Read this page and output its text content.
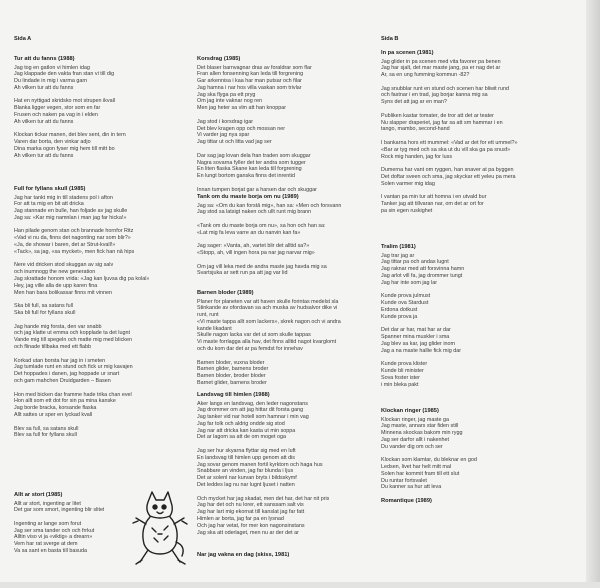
Sida A	Sida B
Tur att du fanns (1988)
Jag tog en gatlon vi himlen idag
Jag klappade den vakta fran stan vi till dig
Du lindade in mig i varma garn
Ah vilken tur att du fanns
Hat en nyttigad skridsko mot strupen ikvall
Blanka ligger vegen, stor som en far
Frusen och naken pa vag in i elden
Ah vilken tur att du fanns
Klockan tickar manen, det blev sent, din in tern
Varen dar borta, den vinkar adjo
Dina marka ogon fyser mig hem till mitt bo
Ah vilken tur att du fanns
Full for fyllans skull (1985)
Jag har tankt mig in till stadens pol i afton
For att ta mig en bit att dricka
Jag stannade en bulle, han foljade av jag skulle
Jag sa: «Kar mig namnlan i man jag far hicka!»
Han pilade genom stan och brannade hornfor Ritz
«Vad vi nu da, finns det nagonting nar som blir?»
«Ja, de showar i baren, det ar Strut-kvall!»
«Tack», sa jag, «sa mycket», men fick han nå hips
Nere vid dricken stod skuggan av sig salv
och inumnogg the new generation
Jag skrattade honom vrida: «Jag kan ljuvsa dig pa kolal»
Hey, jag ville alla de upp karen fina
Men han bara bolikassar finns mit vinnen
Ska bli full, sa satans full
Ska bli full for fyllans skull
Jag hande mig forsta, den var snabb
och jag klatte ut emma och kopplade ta det lugnt
Vande mig till spegeln och matte mig med blicken
och flinade tillbaka med ett flabb
Korkad utan borsta har jag in i smeten
Jag tumlade runt en stund och fick ur mig kavajen
Det hoppades i danen, jag hoppade ur snart
och gam mahchen Druidgarden – Basen
Hon med bicken dar framme hade trika chan evel
Hon allt som ett dot for sin pa mina kanske
Jag borde bracka, korsande flaska
Allt sattes ur sper en lyckad kvall
Blev sa full, sa satans skull
Blev sa full for fyllans skull
Allt ar stort (1985)
Allt ar stort, ingenting ar litet
Det gar som smort, ingenting blir slitet
Ingenting ar lange som forut
Jag ser sma tander och och frrkut
Alltin viso vi ja «viktig» a drearn»
Vem har rat sverge at dem
Va sa sant en basta till basuda
Korsdrag (1985)
Det blaser barnvagnar dras av foraldrar som flar
Fran allen fonsenning kan leda till forgrening
Gar arkennisa i kaa har man putsar och filar
Jag hamna i nar hos villa vaskan som trivlar
Jag ska flyga pa ett pryg
Om jag inte vaknar nog ren
Men jag heter sa vlm att han knoppar
Jag stod i korsdrag igar
Det blev kragen opp och mossan ner
Vi varder jag nya spar
Jag tittar ut och litta vad jag ser
Dar sag jag lovan dela fran traden som skuggar
Nagra sovarna fyller det ter andra som tugger
En liten flaska Skane kan leda till forgrening
En lungt bortom ganska finns det inrentid
Innan tumpen borjat gar a harsen dar och skuggar
Tank om du maste borja om nu (1989)
Jag sa: «Om du kan forstå mig», han sa: «Men och forsvann
Jag stod sa latsigt naken och ullt runt mig brann
«Tank om du maste borja om nu», sa hon och han sa:
«Lat mig fa leva varre an du nanvin kan fa»
Jag sager: «Vanta, ah, vartet blir det alltid sa?»
«Stopp, ah, vill ingen hora pa nar jag narvar mig»
Om jag vill leka med de andra maste jag havda mig sa
Svartsjuka ar sett run pa att jag var lid
Barnen bloder (1989)
Planer for planeten var att haven skulle forintas medelst sla
Stinkande av ofordavan sa ach muska av hudsalvor dike vi
runt, runt
«Vi maste tappa allt som lackers», skrek nagon och vi andra
kande likadant
Skulle nagon lacka var det ut som skulle tappas
Vi maste forrlagga alla hav, det finns alltid nagot kvarglomt
och du kom dar det ar pa femdst for innehav
Barnen bloder, vuxna bloder
Barnen glider, barnens broder
Barnen bloder, broder bloder
Barnet glider, barnens broder
Landsvag till himlen (1988)
Aker langs en landsvag, den leder nagonstans
Jag drommer om att jag hittar dit forsta gang
Jag tanker vid nar hotell som hamnar i min vag
Jag far tolk och aldrig ondde sig stod
Jag nar att dricka kan kasta ut min soppa
Det ar lagom sa att de om moget oga
Jag ser hur skyarna flyttar sig med en luft
En landsvag till himlen upp genom att dis
Jag sovar genom manen fortil kyrktorn och haga hus
Snabbare an vinden, jag far blunda i ljus
Det ar solenl nar kurvan bryts i bildsskymf
Det leddes lag nu nar lugnt ljuset i natten
Och mycket har jag skadat, men det har, det har nit pris
Jag har det och nu lorer, ett sanssam salt vis
Jag har lart mig ekornat till kanslat jag far fatt
Himlen ar borta, jag far pa en lysnad
Och jag har vetat, for mer kon nagonsinstans
Jag ska att oderlaget, men nu ar der det ar
Nar jag vakna en dag (skiss, 1981)
In pa scenen (1981)
Jag glider in pa scenen med vita favorer pa benen
Jag har sjalt, det mar maste jang, pa er nag det ar
Ar, sa en ung fumming kommun -82?
Jag snubblar runt en stund och scenen har bliwit rund
och fastnar i en trad, jag borjar kanna mig sa
Syns det att jag ar en man?
Publiken kastar tomater, de tror att det ar teater
Nu slapper draperiet, jag far sa att sm hammar i en
tango, mambo, second-hand
I bankarna hors ett mummel: «Vad ar det for ett ummel?»
«Bar ar tyg med och sa ska ut du vill ska ga pa snusf»
Rock mig handen, jag for luss
Dumerna har vant om ryggen, han snaver at pa byggen
Det doftar sveen och sma, jag skyckar ett yeleu pa mera
Solen varmer mig idag
I vantan pa min tur att homna i en utvald bur
Tanker jag att tillvaran nar, om det ar ort for
pa sin egen ruskighet
Tralim (1981)
Jag trar jag ar
Jag tittar pa och andas lugnt
Jag raknar med att forsvinna hamn
Jag arlot vill fa, jag drommer tungt
Jag har inte som jag lar
Kunde prova julmust
Kunde ova Stardust
Erdona dotkust
Kunde prova ja
Det dar ar har, mat har ar dar
Spanner mina muskler i sma
Jag blev sa kar, jag glider inom
Jag a na maste hallie fick mig dar
Kunde prova klister
Kunde bli minister
Sova foster ister
i min bleka pakt
Klockan ringer (1985)
Klockan ringer, jag maste ga
Jag maste, annars star fiden still
Minnena skockas bakom min rygg
Jag ser darfor allt i nakenhet
Du vander dig om och ser
Klockan som klamtar, du bleknar en god
Ledsen, livet har helt mitt mal
Solen har kommit fram till ett slut
Du runtar fortsvalet
Du kanner sa hur att leva
Romantique (1989)
